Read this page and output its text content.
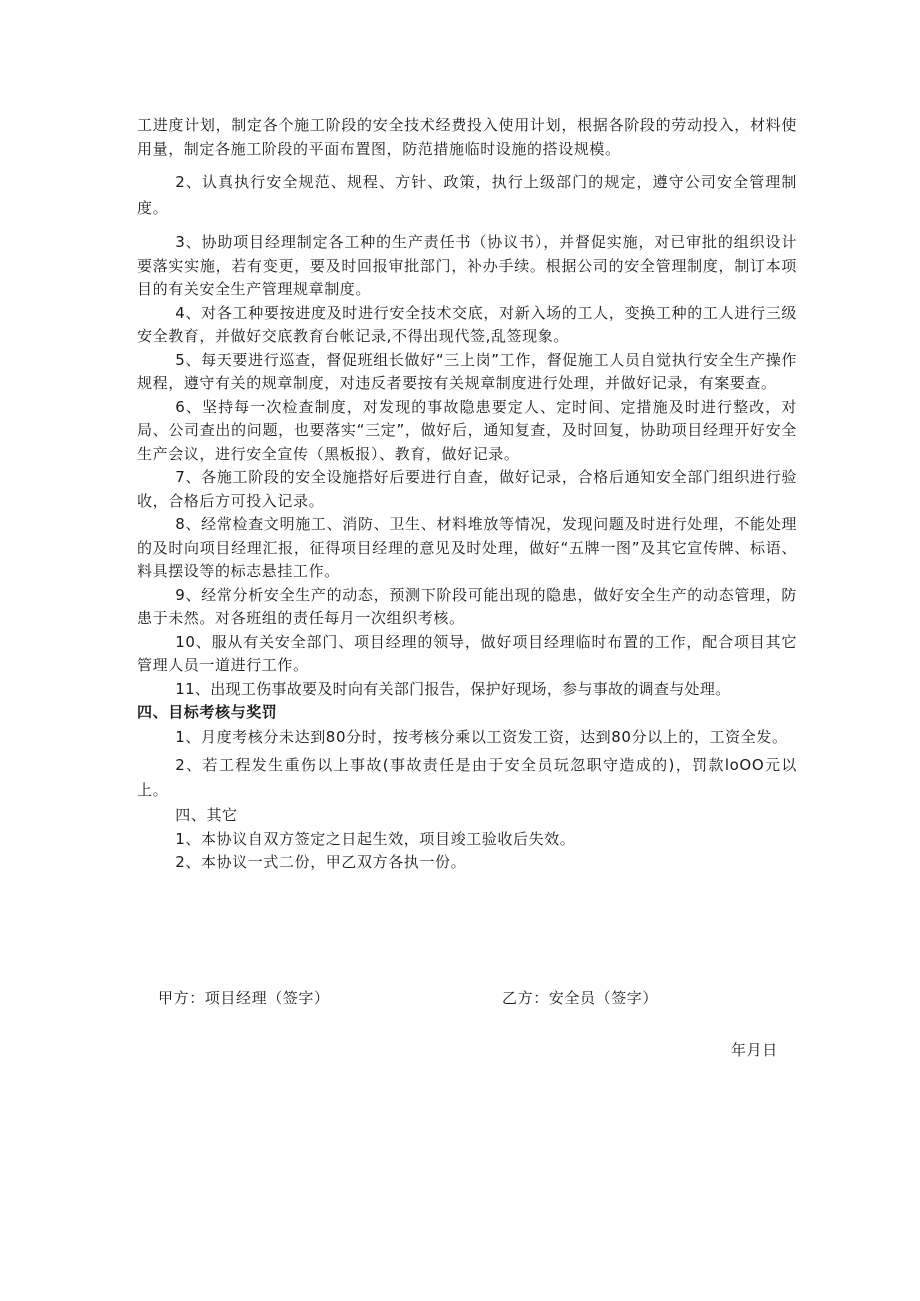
工进度计划，制定各个施工阶段的安全技术经费投入使用计划，根据各阶段的劳动投入，材料使用量，制定各施工阶段的平面布置图，防范措施临时设施的搭设规模。

2、认真执行安全规范、规程、方针、政策，执行上级部门的规定，遵守公司安全管理制度。

3、协助项目经理制定各工种的生产责任书（协议书），并督促实施，对已审批的组织设计要落实实施，若有变更，要及时回报审批部门，补办手续。根据公司的安全管理制度，制订本项目的有关安全生产管理规章制度。

4、对各工种要按进度及时进行安全技术交底，对新入场的工人，变换工种的工人进行三级安全教育，并做好交底教育台帐记录,不得出现代签,乱签现象。

5、每天要进行巡查，督促班组长做好“三上岗”工作，督促施工人员自觉执行安全生产操作规程，遵守有关的规章制度，对违反者要按有关规章制度进行处理，并做好记录，有案要查。

6、坚持每一次检查制度，对发现的事故隐患要定人、定时间、定措施及时进行整改，对局、公司查出的问题，也要落实“三定”，做好后，通知复查，及时回复，协助项目经理开好安全生产会议，进行安全宣传（黑板报）、教育，做好记录。

7、各施工阶段的安全设施搭好后要进行自查，做好记录，合格后通知安全部门组织进行验收，合格后方可投入记录。

8、经常检查文明施工、消防、卫生、材料堆放等情况，发现问题及时进行处理，不能处理的及时向项目经理汇报，征得项目经理的意见及时处理，做好“五牌一图”及其它宣传牌、标语、料具摆设等的标志悬挂工作。

9、经常分析安全生产的动态，预测下阶段可能出现的隐患，做好安全生产的动态管理，防患于未然。对各班组的责任每月一次组织考核。

10、服从有关安全部门、项目经理的领导，做好项目经理临时布置的工作，配合项目其它管理人员一道进行工作。

11、出现工伤事故要及时向有关部门报告，保护好现场，参与事故的调查与处理。

四、目标考核与奖罚

1、月度考核分未达到80分时，按考核分乘以工资发工资，达到80分以上的，工资全发。

2、若工程发生重伤以上事故(事故责任是由于安全员玩忽职守造成的)，罚款loOO元以上。

四、其它

1、本协议自双方签定之日起生效，项目竣工验收后失效。

2、本协议一式二份，甲乙双方各执一份。

甲方：项目经理（签字）	乙方：安全员（签字）
年月日
